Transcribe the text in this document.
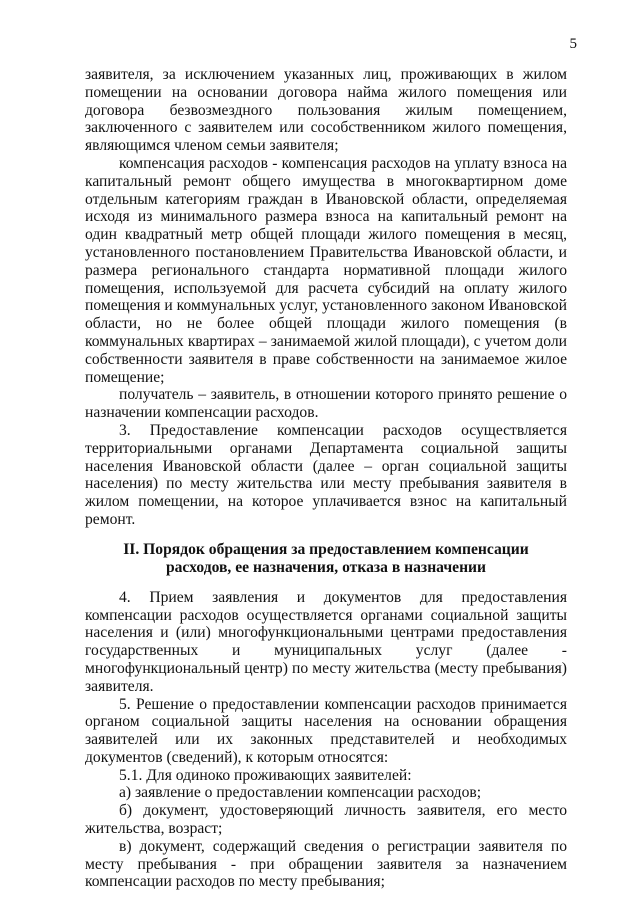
5

заявителя, за исключением указанных лиц, проживающих в жилом помещении на основании договора найма жилого помещения или договора безвозмездного пользования жилым помещением, заключенного с заявителем или сособственником жилого помещения, являющимся членом семьи заявителя;

компенсация расходов - компенсация расходов на уплату взноса на капитальный ремонт общего имущества в многоквартирном доме отдельным категориям граждан в Ивановской области, определяемая исходя из минимального размера взноса на капитальный ремонт на один квадратный метр общей площади жилого помещения в месяц, установленного постановлением Правительства Ивановской области, и размера регионального стандарта нормативной площади жилого помещения, используемой для расчета субсидий на оплату жилого помещения и коммунальных услуг, установленного законом Ивановской области, но не более общей площади жилого помещения (в коммунальных квартирах – занимаемой жилой площади), с учетом доли собственности заявителя в праве собственности на занимаемое жилое помещение;

получатель – заявитель, в отношении которого принято решение о назначении компенсации расходов.

3. Предоставление компенсации расходов осуществляется территориальными органами Департамента социальной защиты населения Ивановской области (далее – орган социальной защиты населения) по месту жительства или месту пребывания заявителя в жилом помещении, на которое уплачивается взнос на капитальный ремонт.

II. Порядок обращения за предоставлением компенсации
расходов, ее назначения, отказа в назначении

4. Прием заявления и документов для предоставления компенсации расходов осуществляется органами социальной защиты населения и (или) многофункциональными центрами предоставления государственных и муниципальных услуг (далее - многофункциональный центр) по месту жительства (месту пребывания) заявителя.

5. Решение о предоставлении компенсации расходов принимается органом социальной защиты населения на основании обращения заявителей или их законных представителей и необходимых документов (сведений), к которым относятся:

5.1. Для одиноко проживающих заявителей:

а) заявление о предоставлении компенсации расходов;

б) документ, удостоверяющий личность заявителя, его место жительства, возраст;

в) документ, содержащий сведения о регистрации заявителя по месту пребывания - при обращении заявителя за назначением компенсации расходов по месту пребывания;
